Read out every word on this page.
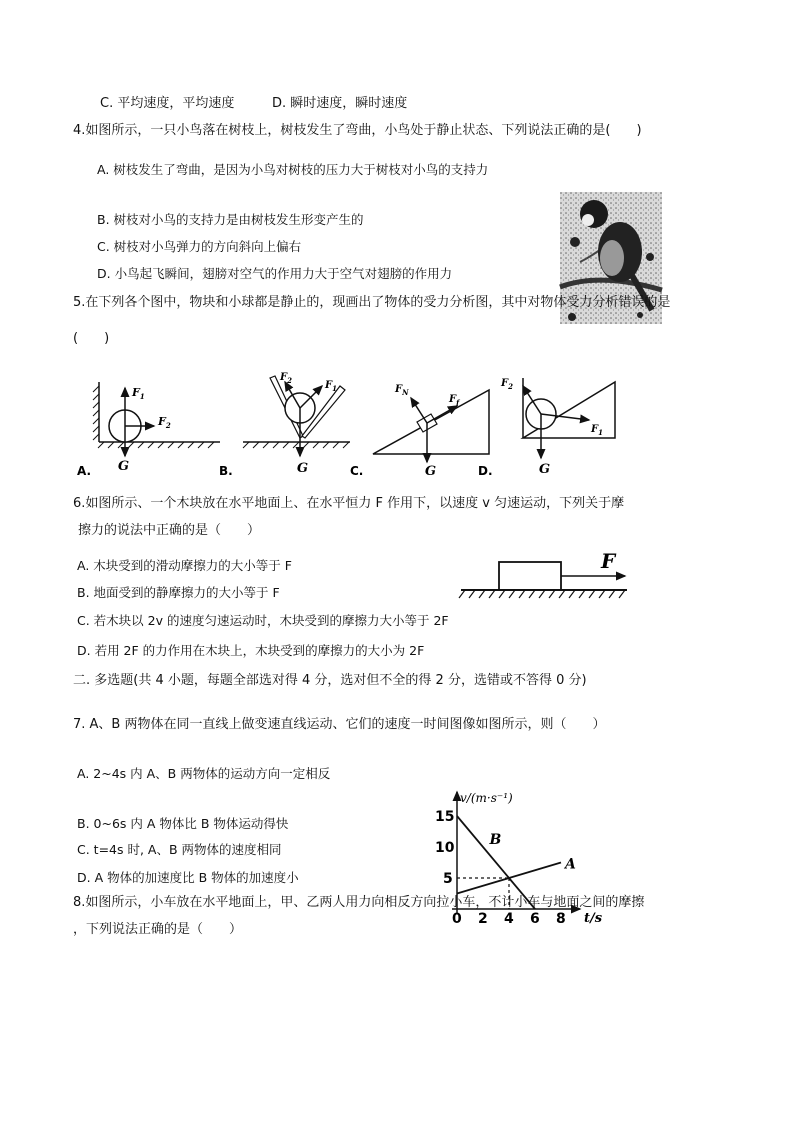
C. 平均速度，平均速度	D. 瞬时速度，瞬时速度
4.如图所示，一只小鸟落在树枝上，树枝发生了弯曲，小鸟处于静止状态、下列说法正确的是(　　)
A. 树枝发生了弯曲，是因为小鸟对树枝的压力大于树枝对小鸟的支持力
B. 树枝对小鸟的支持力是由树枝发生形变产生的
C. 树枝对小鸟弹力的方向斜向上偏右
D. 小鸟起飞瞬间，翅膀对空气的作用力大于空气对翅膀的作用力
5.在下列各个图中，物块和小球都是静止的，现画出了物体的受力分析图，其中对物体受力分析错误的是
(　　)
$F_1$
$F_2$
G
A.
$F_2$	$F_1$
G
B.
$F_N$
$F_f$
G
C.
$F_2$
$F_1$
G
D.
6.如图所示、一个木块放在水平地面上、在水平恒力 F 作用下，以速度 v 匀速运动，下列关于摩
擦力的说法中正确的是（　　）
A. 木块受到的滑动摩擦力的大小等于 F
B. 地面受到的静摩擦力的大小等于 F
C. 若木块以 2v 的速度匀速运动时，木块受到的摩擦力大小等于 2F
D. 若用 2F 的力作用在木块上，木块受到的摩擦力的大小为 2F
F
二. 多选题(共 4 小题，每题全部选对得 4 分，选对但不全的得 2 分，选错或不答得 0 分)
7. A、B 两物体在同一直线上做变速直线运动、它们的速度一时间图像如图所示，则（　　）
A. 2~4s 内 A、B 两物体的运动方向一定相反
B. 0~6s 内 A 物体比 B 物体运动得快
C. t=4s 时, A、B 两物体的速度相同
D. A 物体的加速度比 B 物体的加速度小
v/(m·s⁻¹)
t/s
0 2 4 6 8
5
10
15
A
B
8.如图所示，小车放在水平地面上，甲、乙两人用力向相反方向拉小车，不计小车与地面之间的摩擦
，下列说法正确的是（　　）
